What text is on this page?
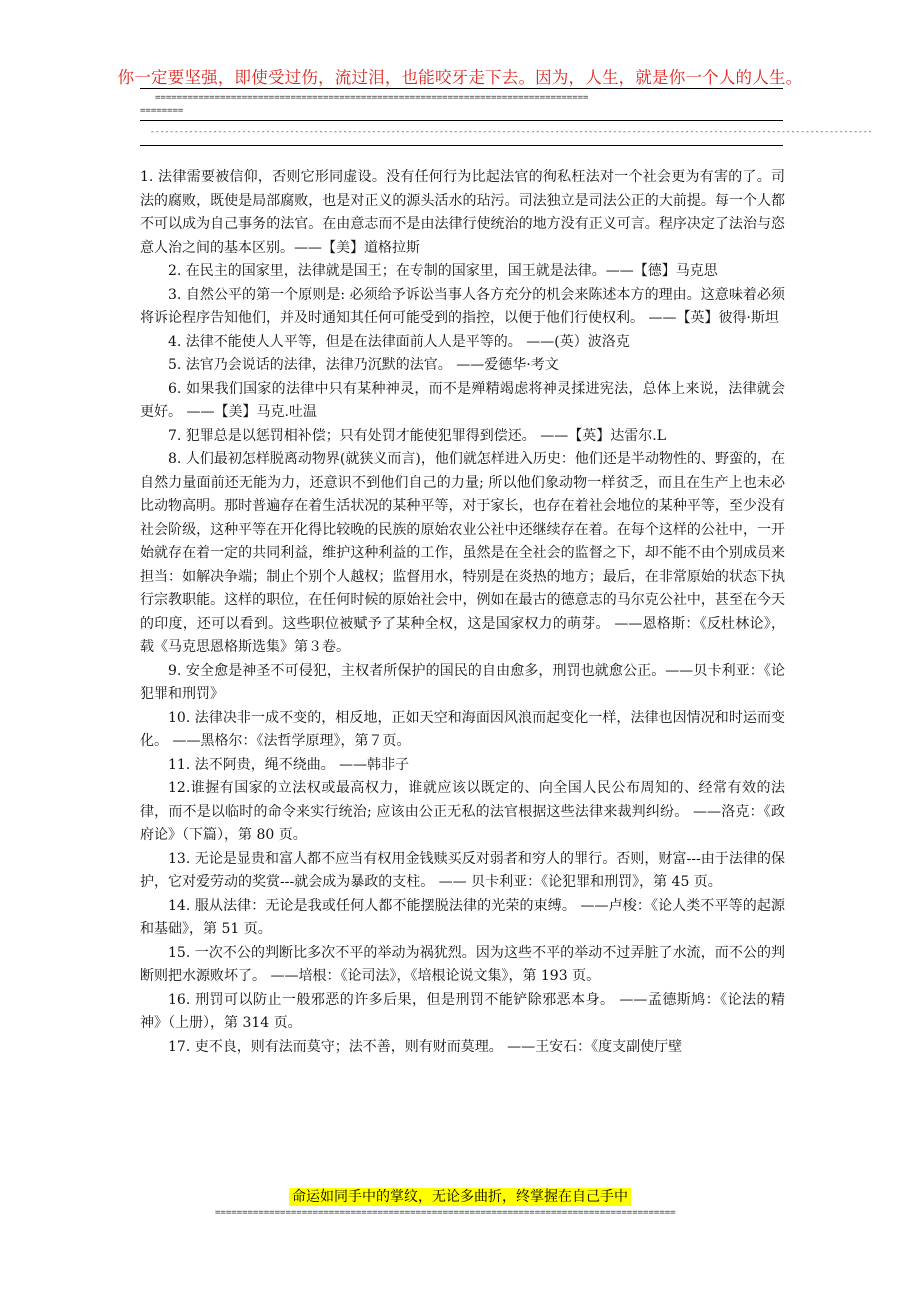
你一定要坚强，即使受过伤，流过泪，也能咬牙走下去。因为，人生，就是你一个人的人生。
================================================================================
========
------------------------------------------------------------------------------------------------------------------------------------------------------

1. 法律需要被信仰，否则它形同虚设。没有任何行为比起法官的徇私枉法对一个社会更为有害的了。司法的腐败，既使是局部腐败，也是对正义的源头活水的玷污。司法独立是司法公正的大前提。每一个人都不可以成为自己事务的法官。在由意志而不是由法律行使统治的地方没有正义可言。程序决定了法治与恣意人治之间的基本区别。——【美】道格拉斯

2. 在民主的国家里，法律就是国王；在专制的国家里，国王就是法律。——【德】马克思

3. 自然公平的第一个原则是: 必须给予诉讼当事人各方充分的机会来陈述本方的理由。这意味着必须将诉论程序告知他们，并及时通知其任何可能受到的指控，以便于他们行使权利。 ——【英】彼得·斯坦

4. 法律不能使人人平等，但是在法律面前人人是平等的。 ——(英）波洛克

5. 法官乃会说话的法律，法律乃沉默的法官。 ——爱德华·考文

6. 如果我们国家的法律中只有某种神灵，而不是殚精竭虑将神灵揉进宪法，总体上来说，法律就会更好。 ——【美】马克.吐温

7. 犯罪总是以惩罚相补偿；只有处罚才能使犯罪得到偿还。 ——【英】达雷尔.L

8. 人们最初怎样脱离动物界(就狭义而言)，他们就怎样进入历史：他们还是半动物性的、野蛮的，在自然力量面前还无能为力，还意识不到他们自己的力量; 所以他们象动物一样贫乏，而且在生产上也未必比动物高明。那时普遍存在着生活状况的某种平等，对于家长，也存在着社会地位的某种平等，至少没有社会阶级，这种平等在开化得比较晚的民族的原始农业公社中还继续存在着。在每个这样的公社中，一开始就存在着一定的共同利益，维护这种利益的工作，虽然是在全社会的监督之下，却不能不由个别成员来担当：如解决争端；制止个别个人越权；监督用水，特别是在炎热的地方；最后，在非常原始的状态下执行宗教职能。这样的职位，在任何时候的原始社会中，例如在最古的德意志的马尔克公社中，甚至在今天的印度，还可以看到。这些职位被赋予了某种全权，这是国家权力的萌芽。 ——恩格斯：《反杜林论》，载《马克思恩格斯选集》第３卷。

9. 安全愈是神圣不可侵犯，主权者所保护的国民的自由愈多，刑罚也就愈公正。——贝卡利亚：《论犯罪和刑罚》

10. 法律决非一成不变的，相反地，正如天空和海面因风浪而起变化一样，法律也因情况和时运而变化。 ——黑格尔：《法哲学原理》，第７页。

11. 法不阿贵，绳不绕曲。 ——韩非子

12.谁握有国家的立法权或最高权力，谁就应该以既定的、向全国人民公布周知的、经常有效的法律，而不是以临时的命令来实行统治; 应该由公正无私的法官根据这些法律来裁判纠纷。 ——洛克：《政府论》（下篇），第 80 页。

13. 无论是显贵和富人都不应当有权用金钱赎买反对弱者和穷人的罪行。否则，财富---由于法律的保护，它对爱劳动的奖赏---就会成为暴政的支柱。 —— 贝卡利亚：《论犯罪和刑罚》，第 45 页。

14. 服从法律：无论是我或任何人都不能摆脱法律的光荣的束缚。 ——卢梭：《论人类不平等的起源和基础》，第 51 页。

15. 一次不公的判断比多次不平的举动为祸犹烈。因为这些不平的举动不过弄脏了水流，而不公的判断则把水源败坏了。 ——培根：《论司法》，《培根论说文集》，第 193 页。

16. 刑罚可以防止一般邪恶的许多后果，但是刑罚不能铲除邪恶本身。 ——孟德斯鸠：《论法的精神》（上册），第 314 页。

17. 吏不良，则有法而莫守；法不善，则有财而莫理。 ——王安石：《度支副使厅壁

命运如同手中的掌纹，无论多曲折，终掌握在自己手中
=====================================================================================
